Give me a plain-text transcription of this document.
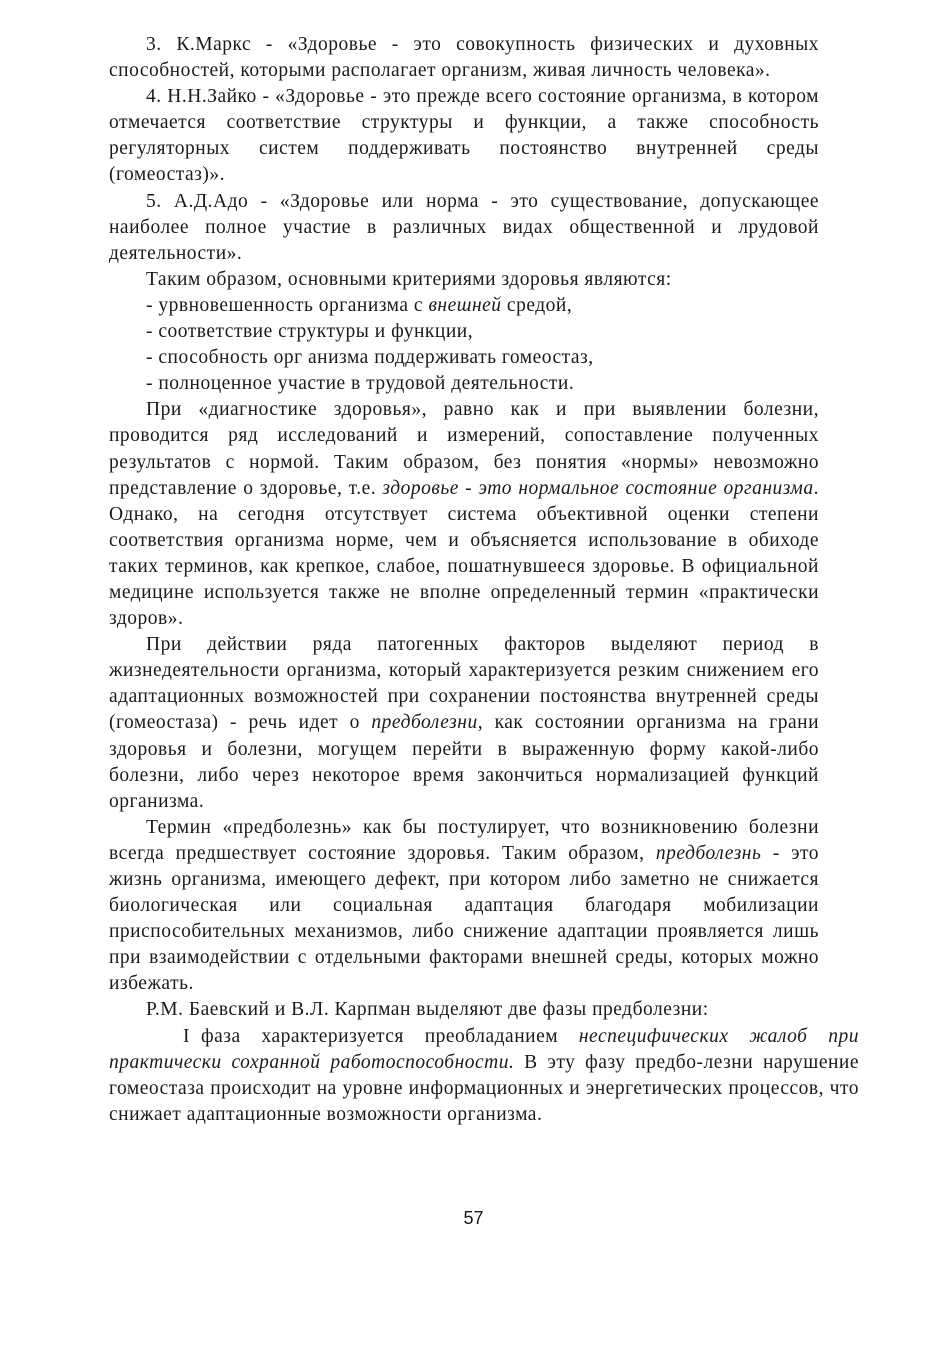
3. К.Маркс - «Здоровье - это совокупность физических и духовных способностей, которыми располагает организм, живая личность человека».

4. Н.Н.Зайко - «Здоровье - это прежде всего состояние организма, в котором отмечается соответствие структуры и функции, а также способность регуляторных систем поддерживать постоянство внутренней среды (гомеостаз)».

5. А.Д.Адо - «Здоровье или норма - это существование, допускающее наиболее полное участие в различных видах общественной и лрудовой деятельности».

Таким образом, основными критериями здоровья являются:

- урвновешенность организма с внешней средой,

- соответствие структуры и функции,

- способность орг анизма поддерживать гомеостаз,

- полноценное участие в трудовой деятельности.

При «диагностике здоровья», равно как и при выявлении болезни, проводится ряд исследований и измерений, сопоставление полученных результатов с нормой. Таким образом, без понятия «нормы» невозможно представление о здоровье, т.е. здоровье - это нормальное состояние организма. Однако, на сегодня отсутствует система объективной оценки степени соответствия организма норме, чем и объясняется использование в обиходе таких терминов, как крепкое, слабое, пошатнувшееся здоровье. В официальной медицине используется также не вполне определенный термин «практически здоров».

При действии ряда патогенных факторов выделяют период в жизнедеятельности организма, который характеризуется резким снижением его адаптационных возможностей при сохранении постоянства внутренней среды (гомеостаза) - речь идет о предболезни, как состоянии организма на грани здоровья и болезни, могущем перейти в выраженную форму какой-либо болезни, либо через некоторое время закончиться нормализацией функций организма.

Термин «предболезнь» как бы постулирует, что возникновению болезни всегда предшествует состояние здоровья. Таким образом, предболезнь - это жизнь организма, имеющего дефект, при котором либо заметно не снижается биологическая или социальная адаптация благодаря мобилизации приспособительных механизмов, либо снижение адаптации проявляется лишь при взаимодействии с отдельными факторами внешней среды, которых можно избежать.

Р.М. Баевский и В.Л. Карпман выделяют две фазы предболезни:

I фаза характеризуется преобладанием неспецифических жалоб при практически сохранной работоспособности. В эту фазу предбо-лезни нарушение гомеостаза происходит на уровне информационных и энергетических процессов, что снижает адаптационные возможности организма.

57
